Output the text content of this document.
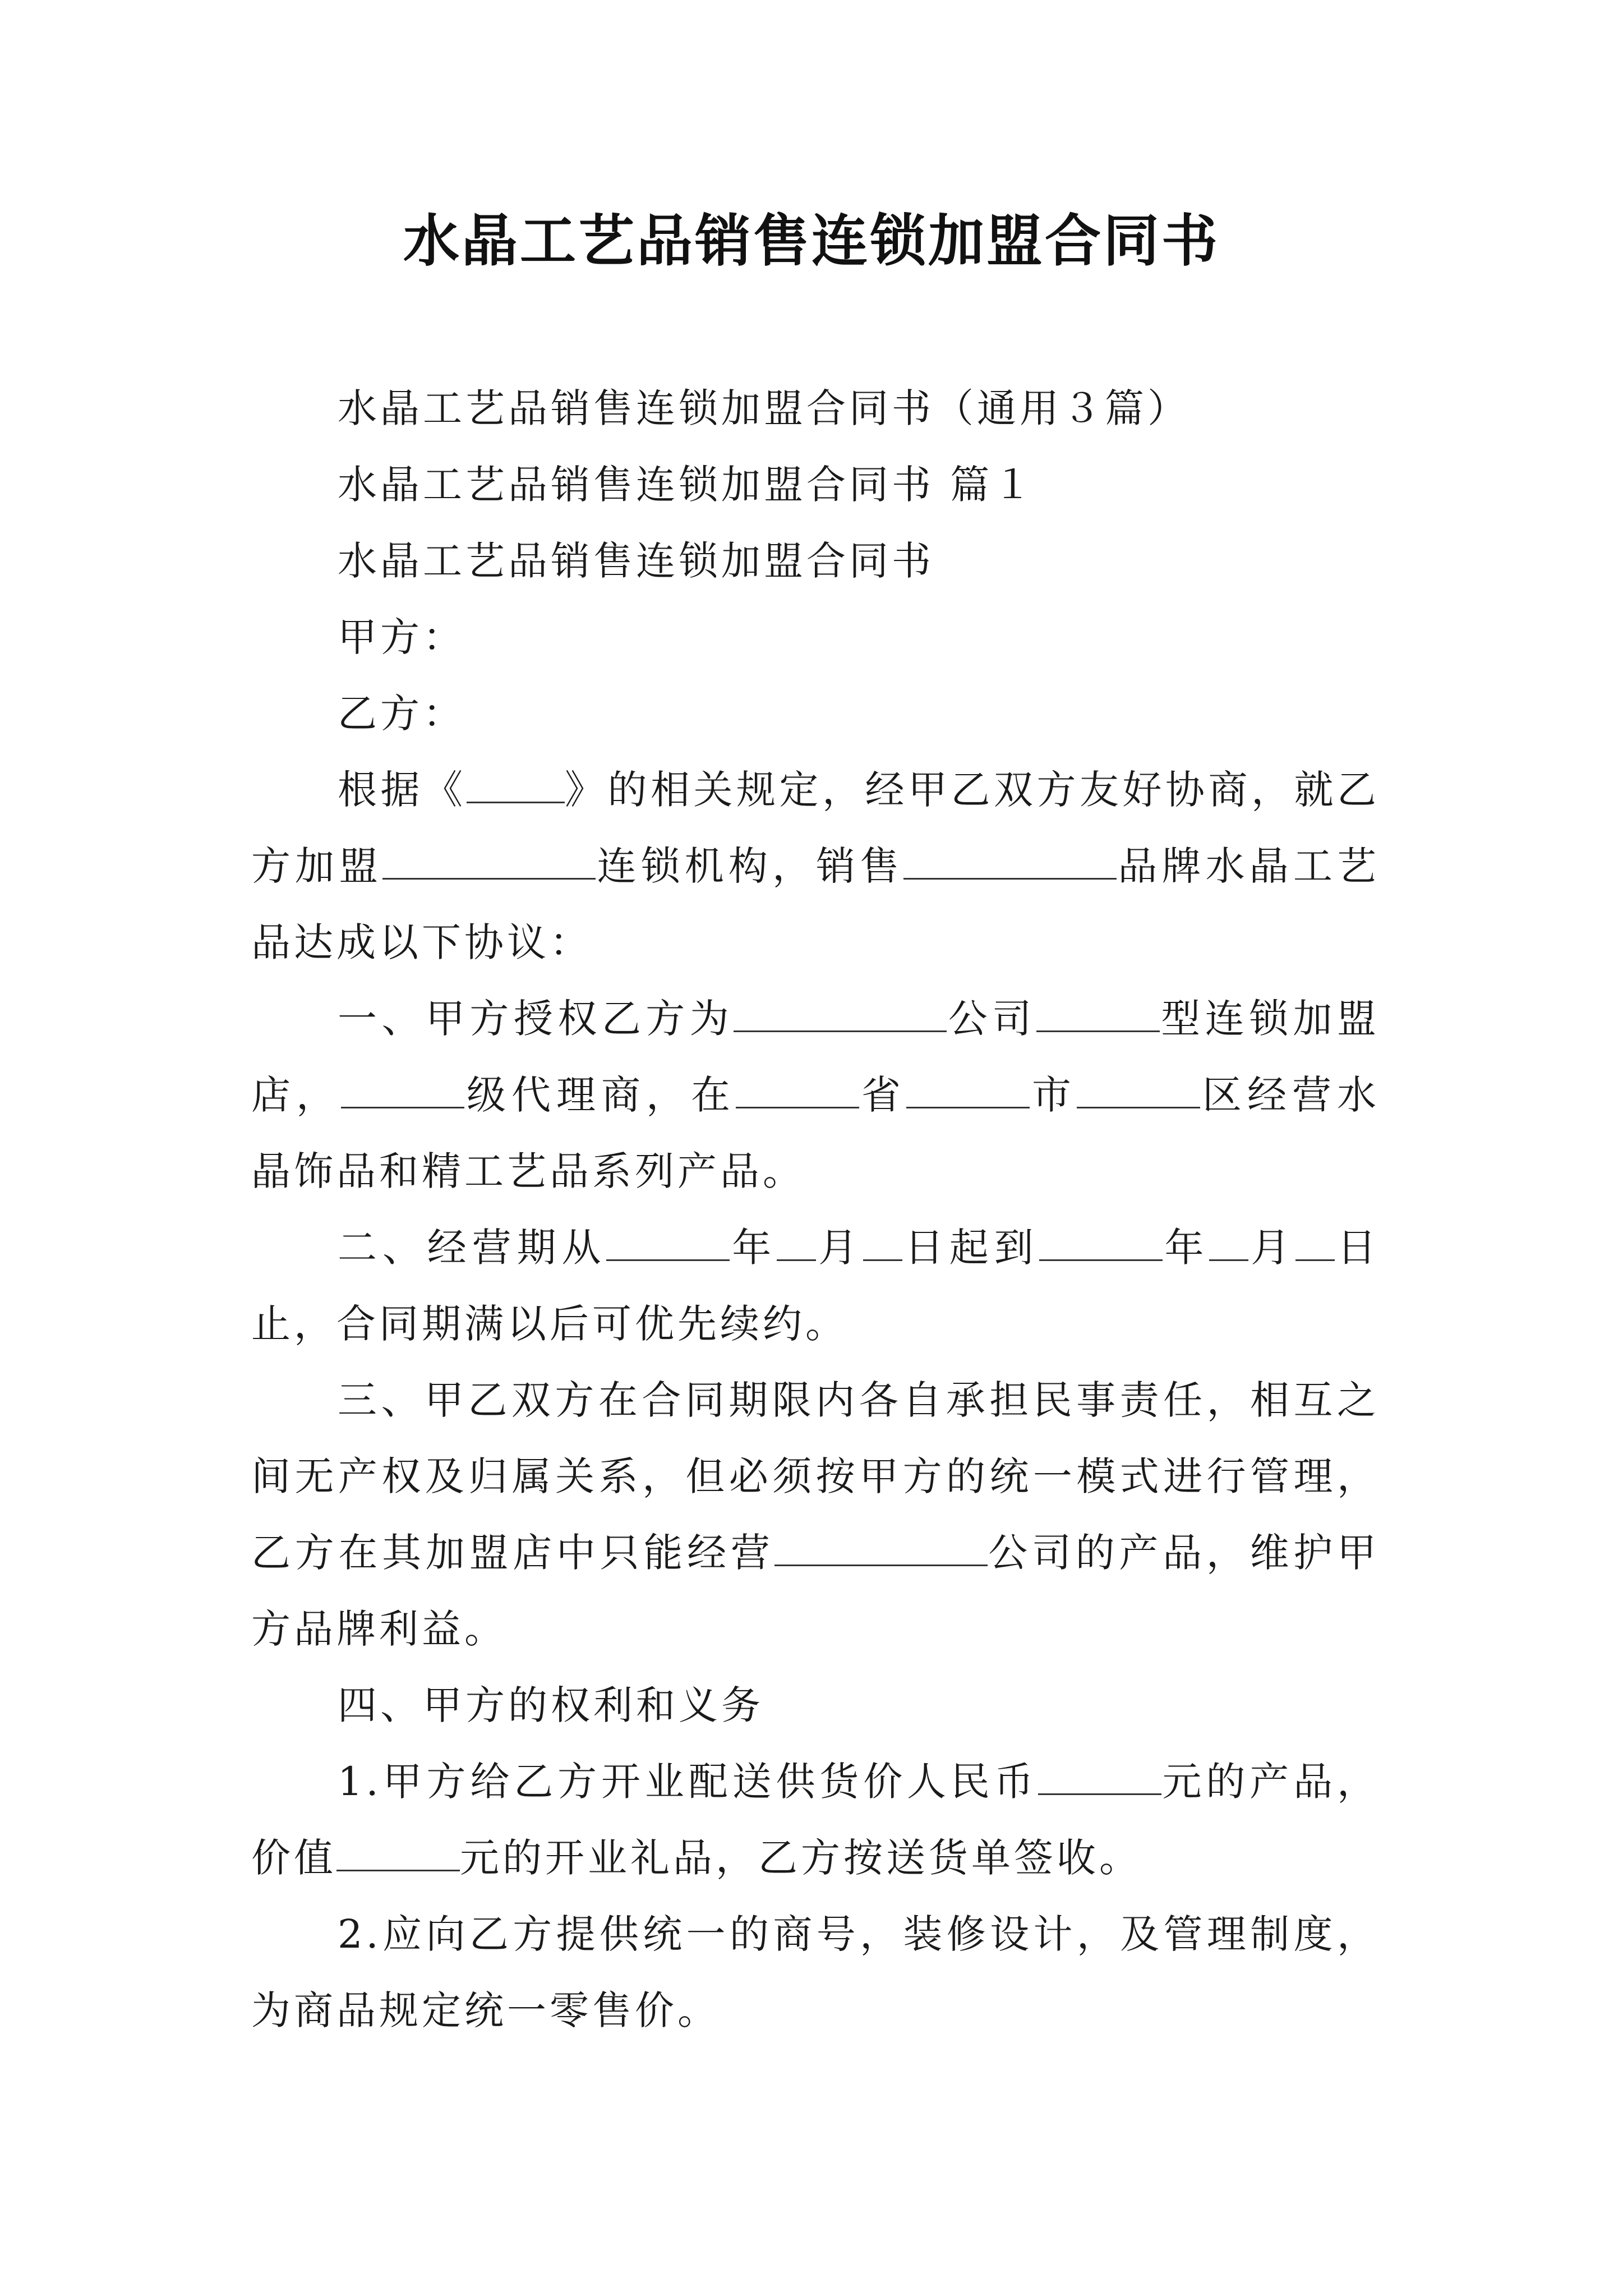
水晶工艺品销售连锁加盟合同书

水晶工艺品销售连锁加盟合同书（通用３篇）

水晶工艺品销售连锁加盟合同书 篇１

水晶工艺品销售连锁加盟合同书

甲方：

乙方：

根据《	》的相关规定，经甲乙双方友好协商，就乙方加盟	连锁机构，销售	品牌水晶工艺品达成以下协议：

一、甲方授权乙方为	公司	型连锁加盟店，	级代理商，在	省	市	区经营水晶饰品和精工艺品系列产品。

二、经营期从	年 月 日起到	年 月 日止，合同期满以后可优先续约。

三、甲乙双方在合同期限内各自承担民事责任，相互之间无产权及归属关系，但必须按甲方的统一模式进行管理，乙方在其加盟店中只能经营	公司的产品，维护甲方品牌利益。

四、甲方的权利和义务

1.甲方给乙方开业配送供货价人民币	元的产品，价值	元的开业礼品，乙方按送货单签收。

2.应向乙方提供统一的商号，装修设计，及管理制度，为商品规定统一零售价。
